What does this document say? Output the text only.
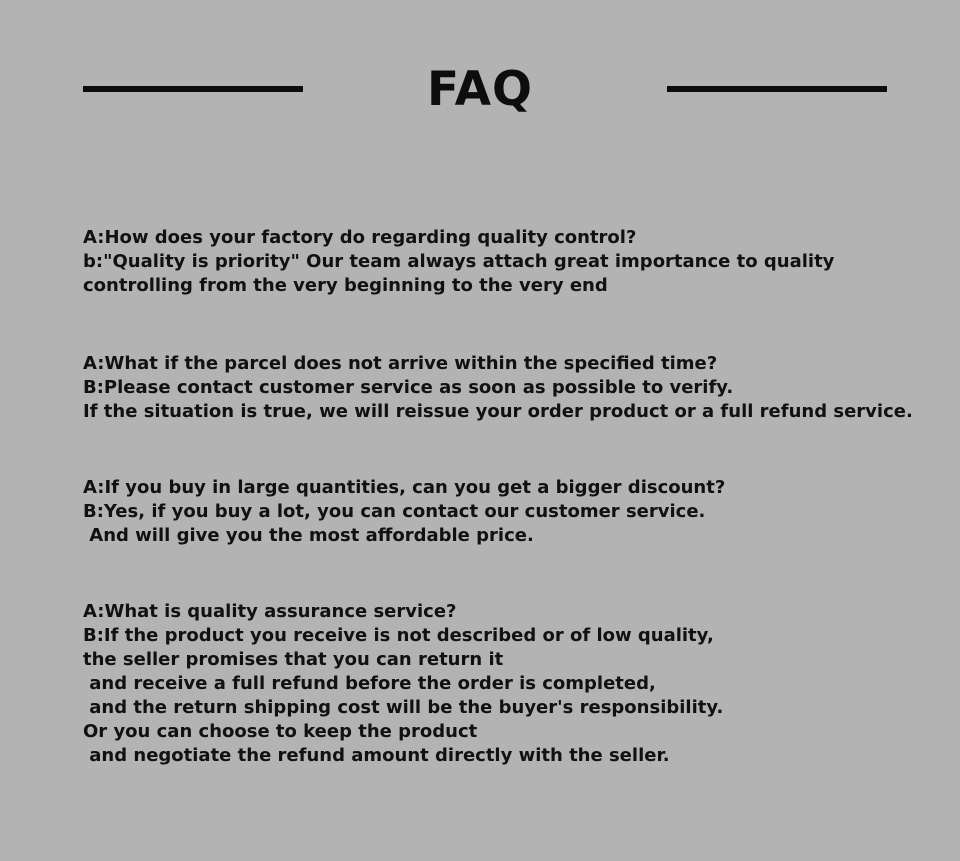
FAQ
A:How does your factory do regarding quality control?
b:"Quality is priority" Our team always attach great importance to quality
controlling from the very beginning to the very end
A:What if the parcel does not arrive within the specified time?
B:Please contact customer service as soon as possible to verify.
If the situation is true, we will reissue your order product or a full refund service.
A:If you buy in large quantities, can you get a bigger discount?
B:Yes, if you buy a lot, you can contact our customer service.
And will give you the most affordable price.
A:What is quality assurance service?
B:If the product you receive is not described or of low quality,
the seller promises that you can return it
and receive a full refund before the order is completed,
and the return shipping cost will be the buyer's responsibility.
Or you can choose to keep the product
and negotiate the refund amount directly with the seller.
